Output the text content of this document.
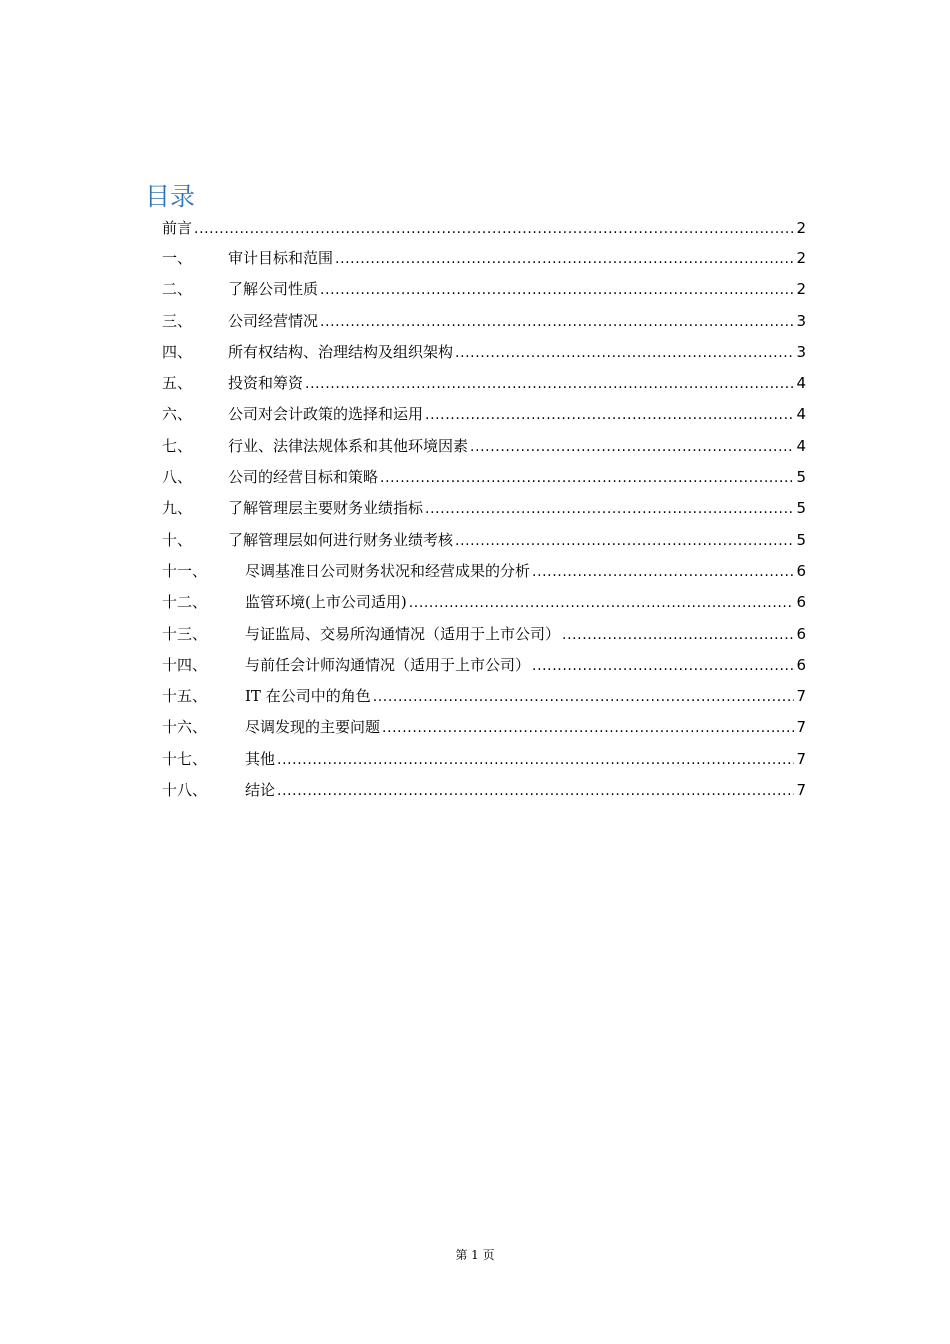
目录
前言 .....	2
一、	审计目标和范围 .....	2
二、	了解公司性质 .....	2
三、	公司经营情况 .....	3
四、	所有权结构、治理结构及组织架构 .....	3
五、	投资和筹资 .....	4
六、	公司对会计政策的选择和运用 .....	4
七、	行业、法律法规体系和其他环境因素 .....	4
八、	公司的经营目标和策略 .....	5
九、	了解管理层主要财务业绩指标 .....	5
十、	了解管理层如何进行财务业绩考核 .....	5
十一、	尽调基准日公司财务状况和经营成果的分析 .....	6
十二、	监管环境(上市公司适用) .....	6
十三、	与证监局、交易所沟通情况（适用于上市公司） .....	6
十四、	与前任会计师沟通情况（适用于上市公司） .....	6
十五、	IT 在公司中的角色 .....	7
十六、	尽调发现的主要问题 .....	7
十七、	其他 .....	7
十八、	结论 .....	7
第 1 页
